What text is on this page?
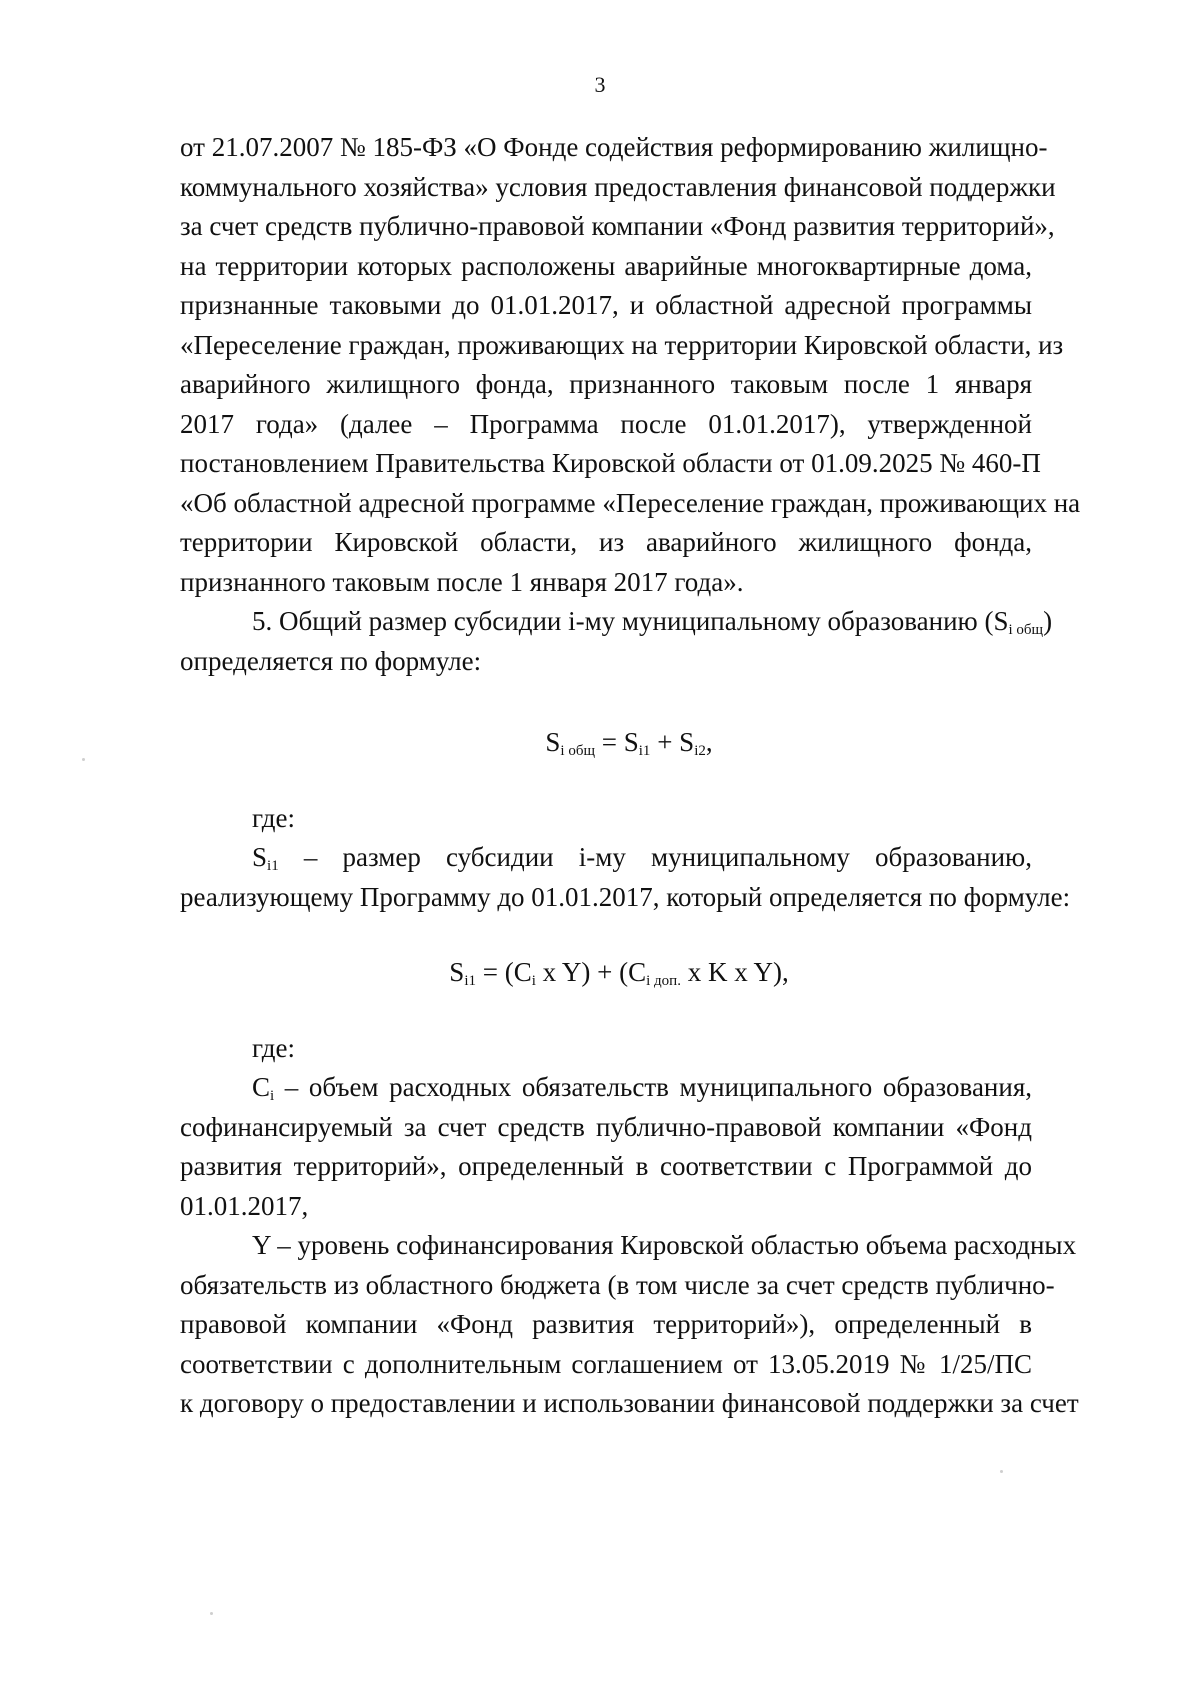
3
от 21.07.2007 № 185-ФЗ «О Фонде содействия реформированию жилищно-
коммунального хозяйства» условия предоставления финансовой поддержки
за счет средств публично-правовой компании «Фонд развития территорий»,
на территории которых расположены аварийные многоквартирные дома,
признанные таковыми до 01.01.2017, и областной адресной программы
«Переселение граждан, проживающих на территории Кировской области, из
аварийного жилищного фонда, признанного таковым после 1 января
2017 года» (далее – Программа после 01.01.2017), утвержденной
постановлением Правительства Кировской области от 01.09.2025 № 460-П
«Об областной адресной программе «Переселение граждан, проживающих на
территории Кировской области, из аварийного жилищного фонда,
признанного таковым после 1 января 2017 года».
5. Общий размер субсидии i-му муниципальному образованию $(S_{i общ})$
определяется по формуле:
$S_{i общ} = S_{i1} + S_{i2}$,
где:
$S_{i1}$ – размер субсидии i-му муниципальному образованию,
реализующему Программу до 01.01.2017, который определяется по формуле:
$S_{i1} = (C_i$ x $Y) + (C_{i доп.}$ x K x Y),
где:
$C_i$ – объем расходных обязательств муниципального образования,
софинансируемый за счет средств публично-правовой компании «Фонд
развития территорий», определенный в соответствии с Программой до
01.01.2017,
Y – уровень софинансирования Кировской областью объема расходных
обязательств из областного бюджета (в том числе за счет средств публично-
правовой компании «Фонд развития территорий»), определенный в
соответствии с дополнительным соглашением от 13.05.2019 № 1/25/ПС
к договору о предоставлении и использовании финансовой поддержки за счет
